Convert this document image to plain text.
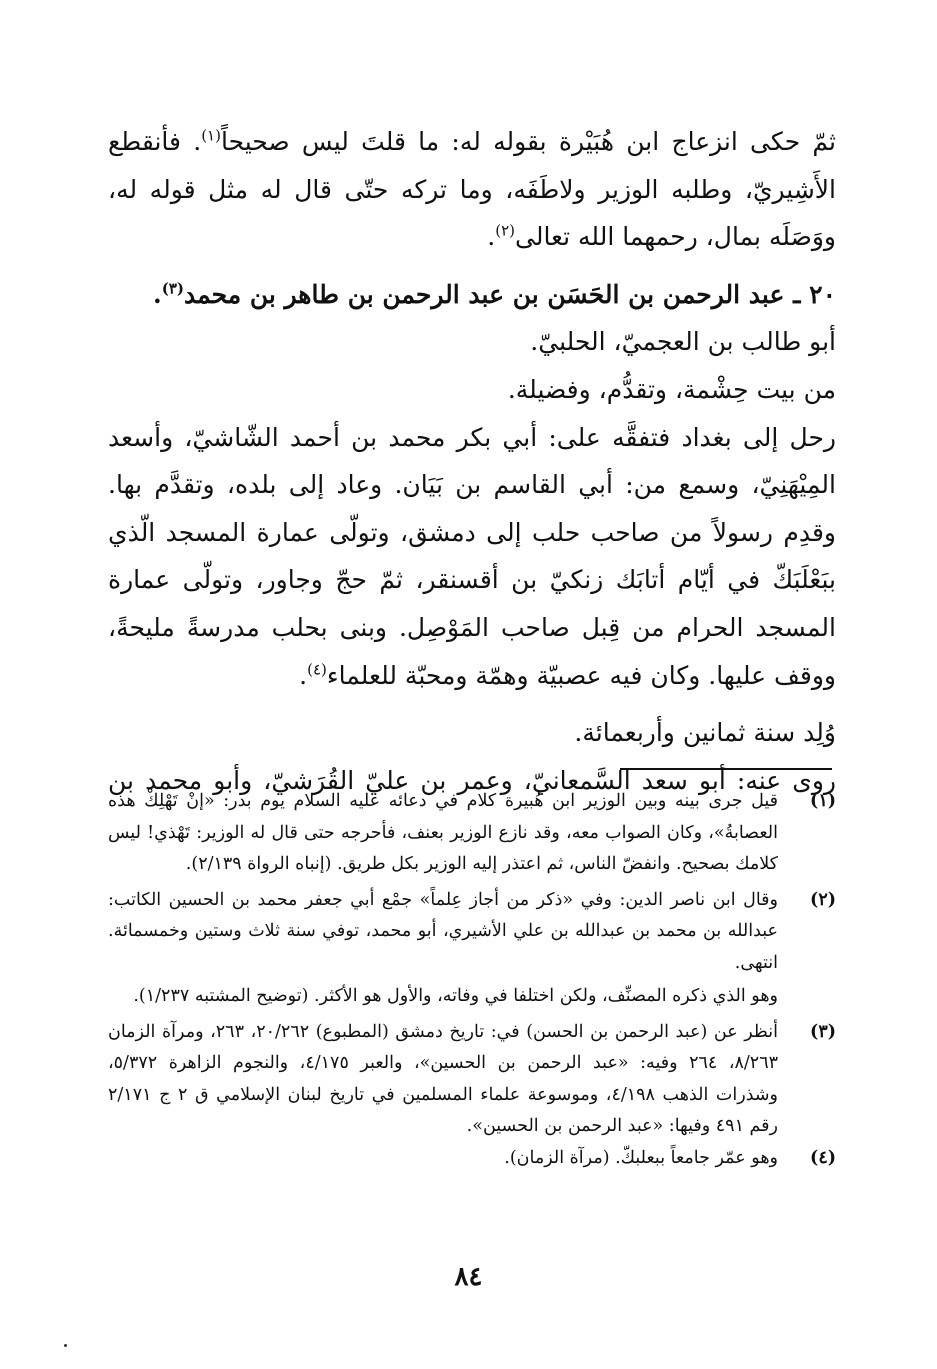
ثمّ حكى انزعاج ابن هُبَيْرة بقوله له: ما قلتَ ليس صحيحاً$^{(١)}$. فأنقطع الأَشِيريّ، وطلبه الوزير ولاطَفَه، وما تركه حتّى قال له مثل قوله له، ووَصَلَه بمال، رحمهما الله تعالى$^{(٢)}$.

٢٠ ـ عبد الرحمن بن الحَسَن بن عبد الرحمن بن طاهر بن محمد$^{(٣)}$.

أبو طالب بن العجميّ، الحلبيّ.

من بيت حِشْمة، وتقدُّم، وفضيلة.

رحل إلى بغداد فتفقَّه على: أبي بكر محمد بن أحمد الشّاشيّ، وأسعد المِيْهَنِيّ، وسمع من: أبي القاسم بن بَيَان. وعاد إلى بلده، وتقدَّم بها. وقدِم رسولاً من صاحب حلب إلى دمشق، وتولّى عمارة المسجد الّذي ببَعْلَبَكّ في أيّام أتابَك زنكيّ بن أقسنقر، ثمّ حجّ وجاور، وتولّى عمارة المسجد الحرام من قِبل صاحب المَوْصِل. وبنى بحلب مدرسةً مليحةً، ووقف عليها. وكان فيه عصبيّة وهمّة ومحبّة للعلماء$^{(٤)}$.

وُلِد سنة ثمانين وأربعمائة.

روى عنه: أبو سعد السَّمعانيّ، وعمر بن عليّ القُرَشيّ، وأبو محمد بن

(١)

قيل جرى بينه وبين الوزير ابن هُبيرة كلام في دعائه عليه السلام يوم بدر: «إنْ تَهْلِكْ هذه العصابةُ»، وكان الصواب معه، وقد نازع الوزير بعنف، فأحرجه حتى قال له الوزير: تَهْذي! ليس كلامك بصحيح. وانفضّ الناس، ثم اعتذر إليه الوزير بكل طريق. (إنباه الرواة ٢/١٣٩).

(٢)

وقال ابن ناصر الدين: وفي «ذكر من أجاز عِلماً» جمْع أبي جعفر محمد بن الحسين الكاتب: عبدالله بن محمد بن عبدالله بن علي الأشيري، أبو محمد، توفي سنة ثلاث وستين وخمسمائة. انتهى.

وهو الذي ذكره المصنِّف، ولكن اختلفا في وفاته، والأول هو الأكثر. (توضيح المشتبه ١/٢٣٧).

(٣)

أنظر عن (عبد الرحمن بن الحسن) في: تاريخ دمشق (المطبوع) ٢٠/٢٦٢، ٢٦٣، ومرآة الزمان ٨/٢٦٣، ٢٦٤ وفيه: «عبد الرحمن بن الحسين»، والعبر ٤/١٧٥، والنجوم الزاهرة ٥/٣٧٢، وشذرات الذهب ٤/١٩٨، وموسوعة علماء المسلمين في تاريخ لبنان الإسلامي ق ٢ ج ٢/١٧١ رقم ٤٩١ وفيها: «عبد الرحمن بن الحسين».

(٤)

وهو عمّر جامعاً ببعلبكّ. (مرآة الزمان).

٨٤
